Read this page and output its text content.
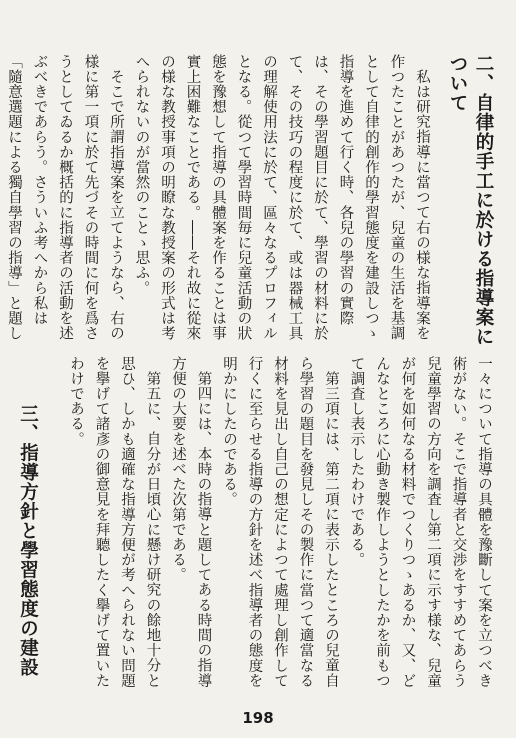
二、自律的手工に於ける指導案について

私は研究指導に當つて右の様な指導案を作つたことがあつたが、兒童の生活を基調として自律的創作的學習態度を建設しつゝ指導を進めて行く時、各兒の學習の實際は、その學習題目に於て、學習の材料に於て、その技巧の程度に於て、或は器械工具の理解使用法に於て、區々なるプロフィルとなる。從つて學習時間毎に兒童活動の狀態を豫想して指導の具體案を作ることは事實上困難なことである。――それ故に從來の様な教授事項の明瞭な教授案の形式は考へられないのが當然のことゝ思ふ。

そこで所謂指導案を立てようなら、右の様に第一項に於て先づその時間に何を爲さうとしてゐるか概括的に指導者の活動を述ぶべきであらう。さういふ考へから私は「隨意選題による獨自學習の指導」と題し

一々について指導の具體を豫斷して案を立つべき術がない。そこで指導者と交渉をすすめてあらう兒童學習の方向を調査し第二項に示す様な、兒童が何を如何なる材料でつくりつゝあるか、又、どんなところに心動き製作しようとしたかを前もつて調査し表示したわけである。

第三項には、第二項に表示したところの兒童自ら學習の題目を發見しその製作に當つて適當なる材料を見出し自己の想定によつて處理し創作して行くに至らせる指導の方針を述べ指導者の態度を明かにしたのである。

第四には、本時の指導と題してある時間の指導方便の大要を述べた次第である。

第五に、自分が日頃心に懸け研究の餘地十分と思ひ、しかも適確な指導方便が考へられない問題を擧げて諸彥の御意見を拜聽したく擧げて置いたわけである。

三、指導方針と學習態度の建設

198
